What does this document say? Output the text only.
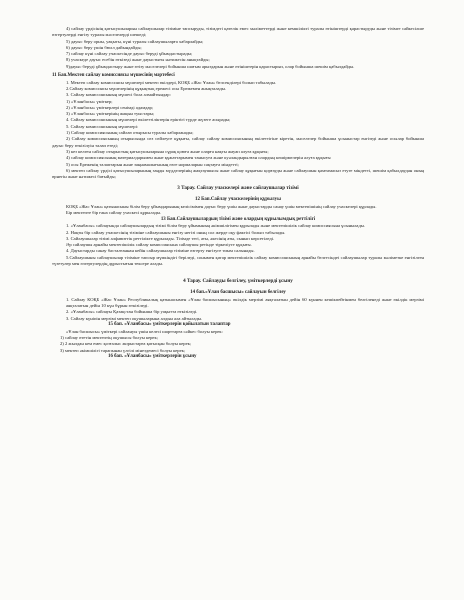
4) сайлау үрдісінің қатысушыларын сайлаушылар тізіміне тапсыруды, тізімдегі қателік емес мәліметтерді және кемшілікті туралы өтініштерді қарастыруды және тізімге сайкесілше өзгертулерді енгізу туралы мәселелерді шешеді;

5) дауыс беру орны, уақыты, күні туралы сайлаушыларға хабарлайды;

6) дауыс беру үшін бюлл дайындайды;

7) сайлау күні сайлау учаскесінде дауыс беруді ұйымдастырады;

8) учаскеде дауыс есебін өткізеді және дауыстығы нәтижесін анықтайды;

9)дауыс беруді ұйымдастыру және өтізу мәселелері бойынша шағым арыздарын және өтініштерін қарастырып, олар бойынша шешім қабылдайды.

11 Бап.Мектеп сайлау комиссиясы мүшесінің мәртебесі

1. Мектеп сайлау комиссиясы мүшелері мектеп өкілдері, КОҚБ «Жас Ұлан» белсенділері болып табылады.

2.Сайлау комиссиясы мүшелерінің құқықтық ережесі осы Ережемен анықталады.

3. Сайлау комиссиясының мүшесі бола алмайтындар:

1) «Ұланбасы» үміткер;

2) «Ұланбасы» үміткерлері сенімді адамдар;

3) «Ұланбасы» үміткерінің жақын туыстары;

4. Сайлау комиссиясының мүшелері өкілеттіліктерін еріктігі түрде жүзеге асырады;

5. Сайлау комиссиясының мүшелері:

1) Сайлау комиссиясының сайлаө отырысы туралы хабарланады;

2) Сайлау комиссиясының отырысында сөз сөйлеуге құқығы, сайлау сайлау комиссиясының өкілеттігіне кіретін, мәселелер бойынша ұсыныстар енгізеді және осылар бойынша дауыс беру өткізілуін талап етеді;

3) кез келген сайлау отырыстың қатысушыларына сұрақ қоюға және оларға нақты жауап алуға құқығы;

4) сайлау комиссиясының материалдарымен және құжаттарымен танысуға және куәландырылған олардың көшірмелерін алуға құқығы

5) осы Ереженің талаптарын және заңнамалығының өзге нормаларын сақтауға міндетті;

6) мектеп сайлау үрдісі қатысушыларының заңды мүдделерінің жақтаушысы және сайлау құқығын қорғауды және сайлаушын қамтамасыз етуге міндетті, шешім қабылдаудан оның өрнегін және нәтижесі бағыйды;

3 Тарау. Сайлау учаскелері және сайлаушылар тізімі

12 Бап.Сайлау учаскелерінің құрылуы

КОҚБ «Жас Ұлан» қатынасыны білім беру ұйымдарының келісімімен дауыс беру үшін және дауыстарды санау үшін мектепішінің сайлау учаскелері құрлады.

Бір мектепте бір ғана сайлау учаскесі құрылады.

13 Бап.Сайлаушылардың тізімі және олардың құрылымдық реттілігі

1. «Ұланбасы» сайлауында сайлаушылардың тізімі білім беру ұйымының әкімшілігімен құрылады және мектепішілік сайлау комиссиясына ұсынылады.

2. Нақты бір сайлау учаскесінің тізіміне сайлаушыны енгізу негізі оның сол жерде оқу фактісі болып табылады.

3. Сайлаушылар тізімі алфавиттік реттілікте құрылады. Тізімде тегі, аты, әкесінің аты, сынып көрсетіледі.

Әр сайлаушы арнайы мектепішілік сайлау комиссиясына сайлаушы ретінде тіркеліуге құқығы.

4. Дауыстарды санау басталғаннан кейін сайлаушылар тізіміне өзгерту енгізуге тиым салынады.

5.Сайлаушыны сайлаушылар тізіміне тапсыр мүмкіндігі беріледі, сонымен қатар мектепішілік сайлау комиссиясының арнайы белгесіндеі сайлаушылар туралы мәліметке енгізілген түзетулер мен өзгертулердің дұрыстығын тексере алады.

4 Тарау. Сайлауды белгілеу, үміткерлерді ұсыну

14 бап.«Ұлан басшысы» сайлауын белгілеу

1. Сайлау КОҚБ «Жас Ұлан» Республикалық қатынасымен «Ұлан басшысының» өкілдік мерзімі аяқталатын дейін 60 күннен кешікпейтінмен белгіленеді және өкілдік мерзімі аяқталатын дейін 10 күн бұрын өткізіледі.

2. «Ұланбасы» сайлауы Қазақстан бойынша бір уақытта өткізіледі.

3. Сайлау күніпін мерзімі мектеп оқушыларына алдын ала айтылады.

15 бап. «Ұланбасы» үміткерлерін қойылатын талаптар

«Ұлан басшысы» үміткері сайлануы үшін келесі шарттарға сәйкес болуы керек:

1) сайлау өтетін мектептің оқушысы болуы керек;

2) 2 жылдан кем емес қозғалыс жорыстарға қатысқан болуы керек;

3) мектеп әкімшілігі тарапынан үлгілі мінездемесі болуы керек;

16 бап. «Ұланбасы» үміткерлерін ұсыну
